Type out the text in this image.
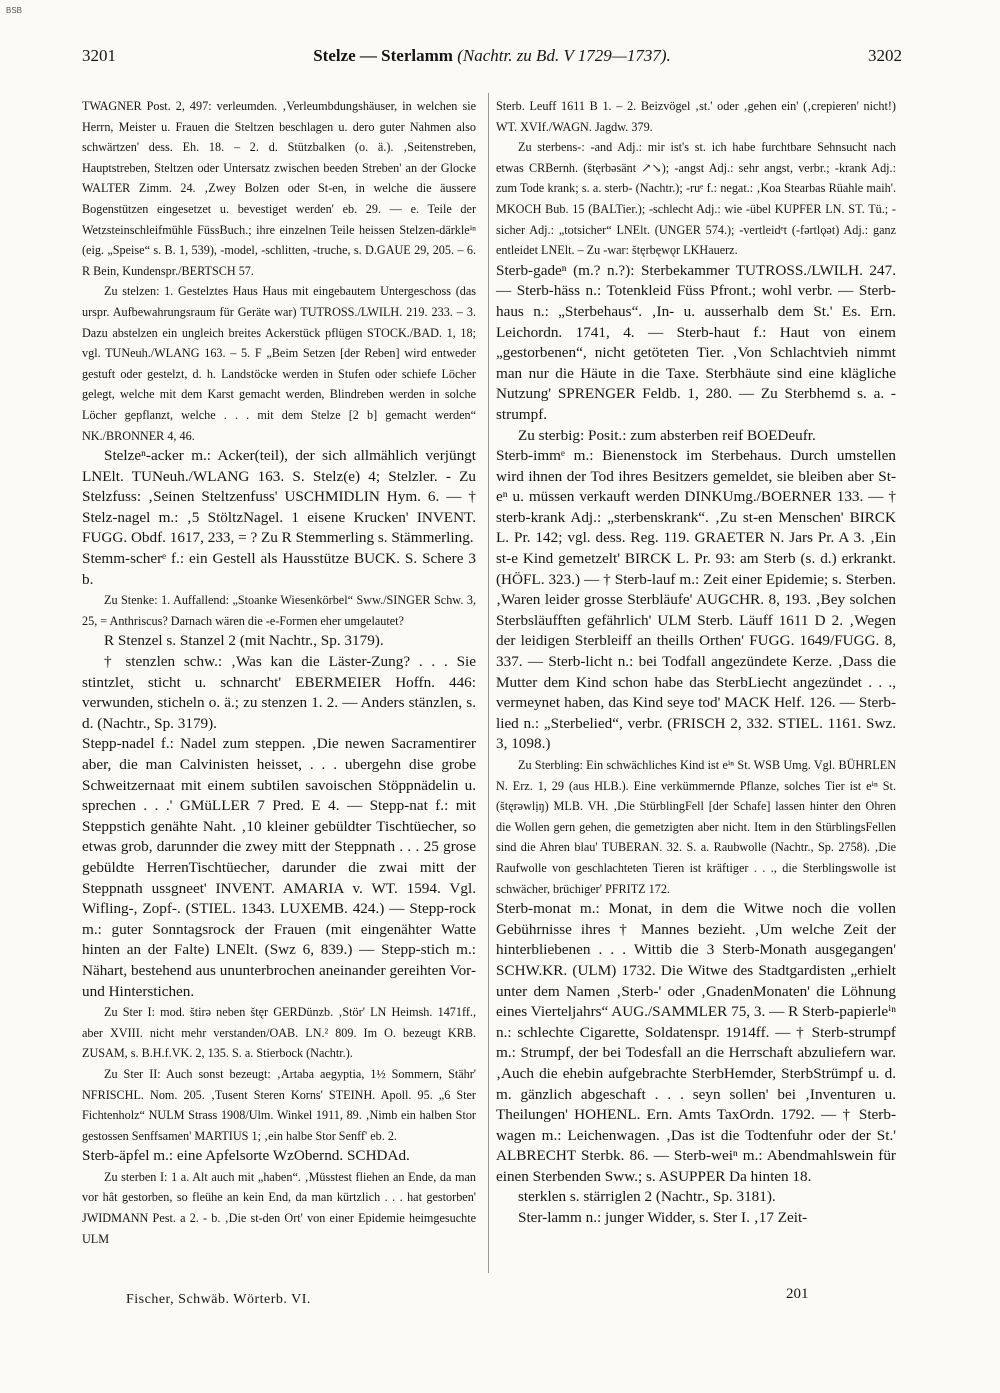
BSB
3201	Stelze — Sterlamm (Nachtr. zu Bd. V 1729—1737).	3202

TWAGNER Post. 2, 497: verleumden. ‚Verleumbdungshäuser, in welchen sie Herrn, Meister u. Frauen die Steltzen beschlagen u. dero guter Nahmen also schwärtzen' dess. Eh. 18. – 2. d. Stützbalken (o. ä.). ‚Seitenstreben, Hauptstreben, Steltzen oder Untersatz zwischen beeden Streben' an der Glocke WALTER Zimm. 24. ‚Zwey Bolzen oder St-en, in welche die äussere Bogenstützen eingesetzet u. bevestiget werden' eb. 29. — e. Teile der Wetzsteinschleifmühle FüssBuch.; ihre einzelnen Teile heissen Stelzen-därkleⁱⁿ (eig. „Speise“ s. B. 1, 539), -model, -schlitten, -truche, s. D.GAUE 29, 205. – 6. R Bein, Kundenspr./BERTSCH 57.

Zu stelzen: 1. Gestelztes Haus Haus mit eingebautem Untergeschoss (das urspr. Aufbewahrungsraum für Geräte war) TUTROSS./LWILH. 219. 233. – 3. Dazu abstelzen ein ungleich breites Ackerstück pflügen STOCK./BAD. 1, 18; vgl. TUNeuh./WLANG 163. – 5. F „Beim Setzen [der Reben] wird entweder gestuft oder gestelzt, d. h. Landstöcke werden in Stufen oder schiefe Löcher gelegt, welche mit dem Karst gemacht werden, Blindreben werden in solche Löcher gepflanzt, welche . . . mit dem Stelze [2 b] gemacht werden“ NK./BRONNER 4, 46.

Stelzeⁿ-acker m.: Acker(teil), der sich allmählich verjüngt LNElt. TUNeuh./WLANG 163. S. Stelz(e) 4; Stelzler. - Zu Stelzfuss: ‚Seinen Steltzenfuss' USCHMIDLIN Hym. 6. — † Stelz-nagel m.: ‚5 StöltzNagel. 1 eisene Krucken' INVENT. FUGG. Obdf. 1617, 233, = ? Zu R Stemmerling s. Stämmerling.

Stemm-scherᵉ f.: ein Gestell als Hausstütze BUCK. S. Schere 3 b.

Zu Stenke: 1. Auffallend: „Stoanke Wiesenkörbel“ Sww./SINGER Schw. 3, 25, = Anthriscus? Darnach wären die -e-Formen eher umgelautet?

R Stenzel s. Stanzel 2 (mit Nachtr., Sp. 3179).

† stenzlen schw.: ‚Was kan die Läster-Zung? . . . Sie stintzlet, sticht u. schnarcht' EBERMEIER Hoffn. 446: verwunden, sticheln o. ä.; zu stenzen 1. 2. — Anders stänzlen, s. d. (Nachtr., Sp. 3179).

Stepp-nadel f.: Nadel zum steppen. ‚Die newen Sacramentirer aber, die man Calvinisten heisset, . . . ubergehn dise grobe Schweitzernaat mit einem subtilen savoischen Stöppnädelin u. sprechen . . .' GMüLLER 7 Pred. E 4. — Stepp-nat f.: mit Steppstich genähte Naht. ‚10 kleiner gebüldter Tischtüecher, so etwas grob, darunnder die zwey mitt der Steppnath . . . 25 grose gebüldte HerrenTischtüecher, darunder die zwai mitt der Steppnath ussgneet' INVENT. AMARIA v. WT. 1594. Vgl. Wifling-, Zopf-. (STIEL. 1343. LUXEMB. 424.) — Stepp-rock m.: guter Sonntagsrock der Frauen (mit eingenähter Watte hinten an der Falte) LNElt. (Swz 6, 839.) — Stepp-stich m.: Nähart, bestehend aus ununterbrochen aneinander gereihten Vor- und Hinterstichen.

Zu Ster I: mod. štirə neben štęr GERDünzb. ‚Stör' LN Heimsh. 1471ff., aber XVIII. nicht mehr verstanden/OAB. LN.² 809. Im O. bezeugt KRB. ZUSAM, s. B.H.f.VK. 2, 135. S. a. Stierbock (Nachtr.).

Zu Ster II: Auch sonst bezeugt: ‚Artaba aegyptia, 1½ Sommern, Stähr' NFRISCHL. Nom. 205. ‚Tusent Steren Korns' STEINH. Apoll. 95. „6 Ster Fichtenholz“ NULM Strass 1908/Ulm. Winkel 1911, 89. ‚Nimb ein halben Stor gestossen Senffsamen' MARTIUS 1; ‚ein halbe Stor Senff' eb. 2.

Sterb-äpfel m.: eine Apfelsorte WzObernd. SCHDAd.

Zu sterben I: 1 a. Alt auch mit „haben“. ‚Müsstest fliehen an Ende, da man vor hât gestorben, so fleühe an kein End, da man kürtzlich . . . hat gestorben' JWIDMANN Pest. a 2. - b. ‚Die st-den Ort' von einer Epidemie heimgesuchte ULM

Sterb. Leuff 1611 B 1. – 2. Beizvögel ‚st.' oder ‚gehen ein' (‚crepieren' nicht!) WT. XVIf./WAGN. Jagdw. 379.

Zu sterbens-: -and Adj.: mir ist's st. ich habe furchtbare Sehnsucht nach etwas CRBernh. (štęrbəsänt ↗↘); -angst Adj.: sehr angst, verbr.; -krank Adj.: zum Tode krank; s. a. sterb- (Nachtr.); -ruᵉ f.: negat.: ‚Koa Stearbas Rüahle maih'. MKOCH Bub. 15 (BALTier.); -schlecht Adj.: wie -übel KUPFER LN. ST. Tü.; -sicher Adj.: „totsicher“ LNElt. (UNGER 574.); -vertleidᵉt (-fərtlǫət) Adj.: ganz entleidet LNElt. – Zu -war: štęrbęwǫr LKHauerz.

Sterb-gadeⁿ (m.? n.?): Sterbekammer TUTROSS./LWILH. 247. — Sterb-häss n.: Totenkleid Füss Pfront.; wohl verbr. — Sterb-haus n.: „Sterbehaus“. ‚In- u. ausserhalb dem St.' Es. Ern. Leichordn. 1741, 4. — Sterb-haut f.: Haut von einem „gestorbenen“, nicht getöteten Tier. ‚Von Schlachtvieh nimmt man nur die Häute in die Taxe. Sterbhäute sind eine klägliche Nutzung' SPRENGER Feldb. 1, 280. — Zu Sterbhemd s. a. -strumpf.

Zu sterbig: Posit.: zum absterben reif BOEDeufr.

Sterb-immᵉ m.: Bienenstock im Sterbehaus. Durch umstellen wird ihnen der Tod ihres Besitzers gemeldet, sie bleiben aber St-eⁿ u. müssen verkauft werden DINKUmg./BOERNER 133. — † sterb-krank Adj.: „sterbenskrank“. ‚Zu st-en Menschen' BIRCK L. Pr. 142; vgl. dess. Reg. 119. GRAETER N. Jars Pr. A 3. ‚Ein st-e Kind gemetzelt' BIRCK L. Pr. 93: am Sterb (s. d.) erkrankt. (HÖFL. 323.) — † Sterb-lauf m.: Zeit einer Epidemie; s. Sterben. ‚Waren leider grosse Sterbläufe' AUGCHR. 8, 193. ‚Bey solchen Sterbsläufften gefährlich' ULM Sterb. Läuff 1611 D 2. ‚Wegen der leidigen Sterbleiff an theills Orthen' FUGG. 1649/FUGG. 8, 337. — Sterb-licht n.: bei Todfall angezündete Kerze. ‚Dass die Mutter dem Kind schon habe das SterbLiecht angezündet . . ., vermeynet haben, das Kind seye tod' MACK Helf. 126. — Sterb-lied n.: „Sterbelied“, verbr. (FRISCH 2, 332. STIEL. 1161. Swz. 3, 1098.)

Zu Sterbling: Ein schwächliches Kind ist eⁱⁿ St. WSB Umg. Vgl. BÜHRLEN N. Erz. 1, 29 (aus HLB.). Eine verkümmernde Pflanze, solches Tier ist eⁱⁿ St. (štęrəwlịŋ) MLB. VH. ‚Die StürblingFell [der Schafe] lassen hinter den Ohren die Wollen gern gehen, die gemetzigten aber nicht. Item in den StürblingsFellen sind die Ahren blau' TUBERAN. 32. S. a. Raubwolle (Nachtr., Sp. 2758). ‚Die Raufwolle von geschlachteten Tieren ist kräftiger . . ., die Sterblingswolle ist schwächer, brüchiger' PFRITZ 172.

Sterb-monat m.: Monat, in dem die Witwe noch die vollen Gebührnisse ihres † Mannes bezieht. ‚Um welche Zeit der hinterbliebenen . . . Wittib die 3 Sterb-Monath ausgegangen' SCHW.KR. (ULM) 1732. Die Witwe des Stadtgardisten „erhielt unter dem Namen ‚Sterb-' oder ‚GnadenMonaten' die Löhnung eines Vierteljahrs“ AUG./SAMMLER 75, 3. — R Sterb-papierleⁱⁿ n.: schlechte Cigarette, Soldatenspr. 1914ff. — † Sterb-strumpf m.: Strumpf, der bei Todesfall an die Herrschaft abzuliefern war. ‚Auch die ehebin aufgebrachte SterbHemder, SterbStrümpf u. d. m. gänzlich abgeschaft . . . seyn sollen' bei ‚Inventuren u. Theilungen' HOHENL. Ern. Amts TaxOrdn. 1792. — † Sterb-wagen m.: Leichenwagen. ‚Das ist die Todtenfuhr oder der St.' ALBRECHT Sterbk. 86. — Sterb-weiⁿ m.: Abendmahlswein für einen Sterbenden Sww.; s. ASUPPER Da hinten 18.

sterklen s. stärriglen 2 (Nachtr., Sp. 3181).

Ster-lamm n.: junger Widder, s. Ster I. ‚17 Zeit-

Fischer, Schwäb. Wörterb. VI.	201
